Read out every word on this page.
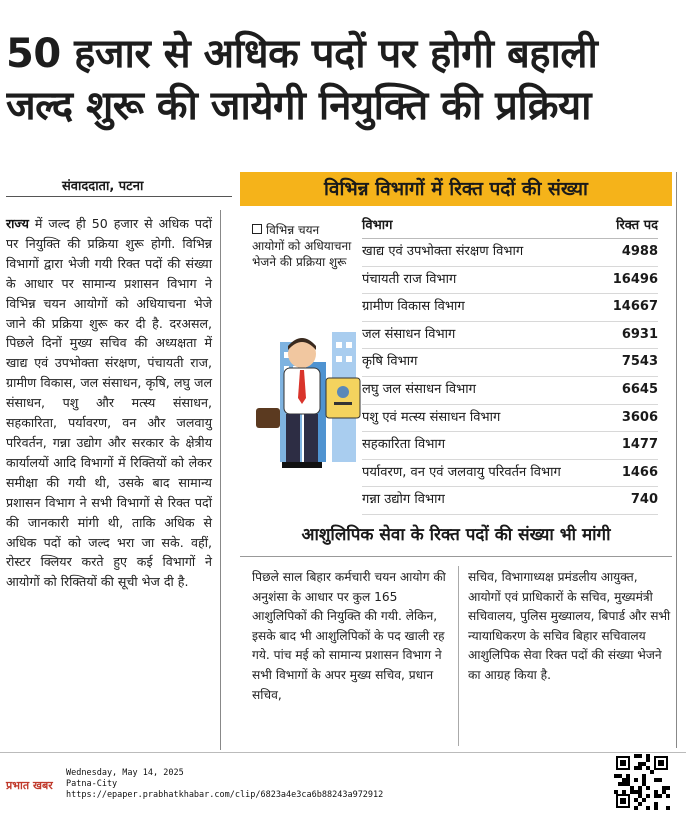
50 हजार से अधिक पदों पर होगी बहाली
जल्द शुरू की जायेगी नियुक्ति की प्रक्रिया
संवाददाता, पटना
राज्य में जल्द ही 50 हजार से अधिक पदों पर नियुक्ति की प्रक्रिया शुरू होगी. विभिन्न विभागों द्वारा भेजी गयी रिक्त पदों की संख्या के आधार पर सामान्य प्रशासन विभाग ने विभिन्न चयन आयोगों को अधियाचना भेजे जाने की प्रक्रिया शुरू कर दी है. दरअसल, पिछले दिनों मुख्य सचिव की अध्यक्षता में खाद्य एवं उपभोक्ता संरक्षण, पंचायती राज, ग्रामीण विकास, जल संसाधन, कृषि, लघु जल संसाधन, पशु और मत्स्य संसाधन, सहकारिता, पर्यावरण, वन और जलवायु परिवर्तन, गन्ना उद्योग और सरकार के क्षेत्रीय कार्यालयों आदि विभागों में रिक्तियों को लेकर समीक्षा की गयी थी, उसके बाद सामान्य प्रशासन विभाग ने सभी विभागों से रिक्त पदों की जानकारी मांगी थी, ताकि अधिक से अधिक पदों को जल्द भरा जा सके. वहीं, रोस्टर क्लियर करते हुए कई विभागों ने आयोगों को रिक्तियों की सूची भेज दी है.
विभिन्न विभागों में रिक्त पदों की संख्या
विभिन्न चयन आयोगों को अधियाचना भेजने की प्रक्रिया शुरू
विभाग	रिक्त पद
खाद्य एवं उपभोक्ता संरक्षण विभाग	4988
पंचायती राज विभाग	16496
ग्रामीण विकास विभाग	14667
जल संसाधन विभाग	6931
कृषि विभाग	7543
लघु जल संसाधन विभाग	6645
पशु एवं मत्स्य संसाधन विभाग	3606
सहकारिता विभाग	1477
पर्यावरण, वन एवं जलवायु परिवर्तन विभाग	1466
गन्ना उद्योग विभाग	740
आशुलिपिक सेवा के रिक्त पदों की संख्या भी मांगी
पिछले साल बिहार कर्मचारी चयन आयोग की अनुशंसा के आधार पर कुल 165 आशुलिपिकों की नियुक्ति की गयी. लेकिन, इसके बाद भी आशुलिपिकों के पद खाली रह गये. पांच मई को सामान्य प्रशासन विभाग ने सभी विभागों के अपर मुख्य सचिव, प्रधान सचिव,
सचिव, विभागाध्यक्ष प्रमंडलीय आयुक्त, आयोगों एवं प्राधिकारों के सचिव, मुख्यमंत्री सचिवालय, पुलिस मुख्यालय, बिपार्ड और सभी न्यायाधिकरण के सचिव बिहार सचिवालय आशुलिपिक सेवा रिक्त पदों की संख्या भेजने का आग्रह किया है.
प्रभात खबर
Wednesday, May 14, 2025
Patna-City
https://epaper.prabhatkhabar.com/clip/6823a4e3ca6b88243a972912
